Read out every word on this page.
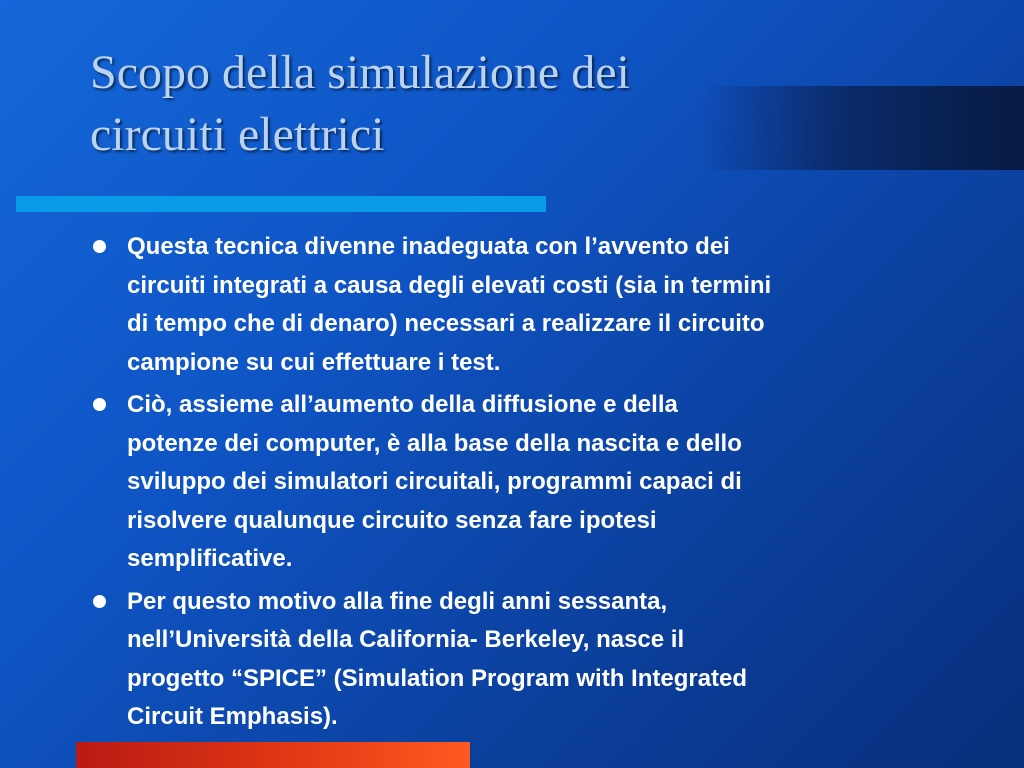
Scopo della simulazione dei
circuiti elettrici
Questa tecnica divenne inadeguata con l’avvento dei
circuiti integrati a causa degli elevati costi (sia in termini
di tempo che di denaro) necessari a realizzare il circuito
campione su cui effettuare i test.
Ciò, assieme all’aumento della diffusione e della
potenze dei computer, è alla base della nascita e dello
sviluppo dei simulatori circuitali, programmi capaci di
risolvere qualunque circuito senza fare ipotesi
semplificative.
Per questo motivo alla fine degli anni sessanta,
nell’Università della California- Berkeley, nasce il
progetto “SPICE” (Simulation Program with Integrated
Circuit Emphasis).
